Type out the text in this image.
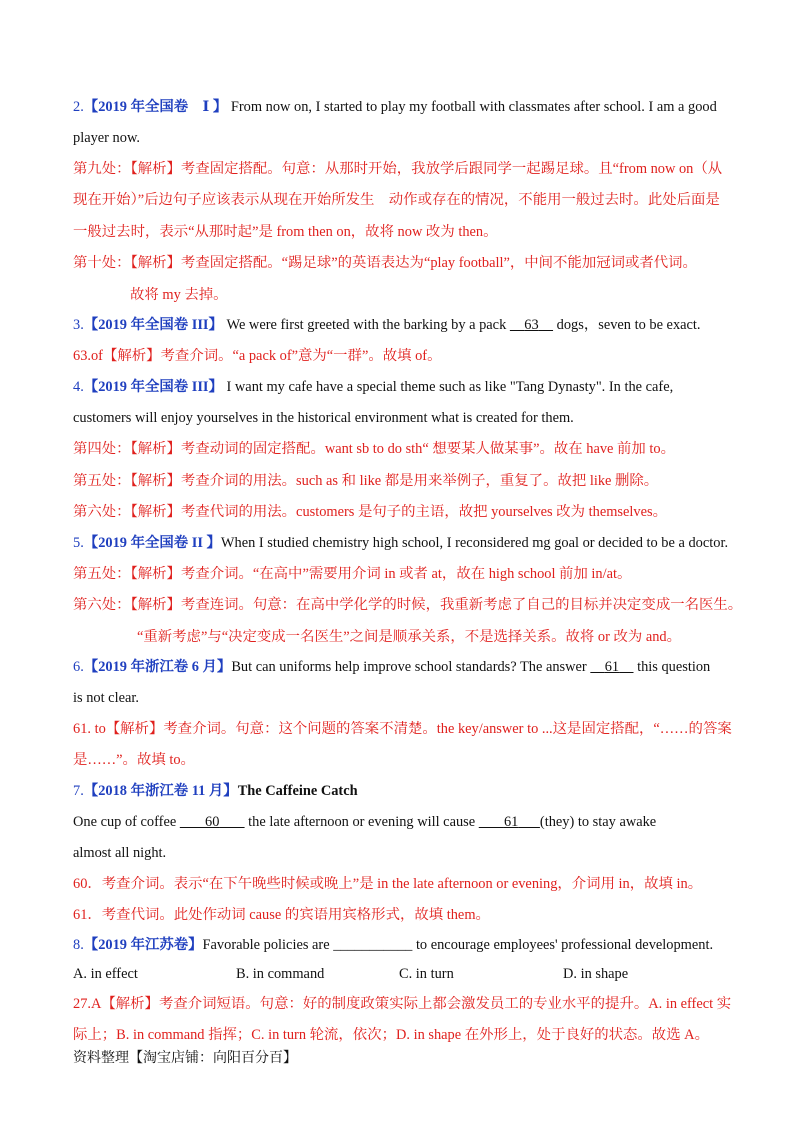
2.【2019 年全国卷　Ⅰ 】 From now on, I started to play my football with classmates after school. I am a good
player now.
第九处：【解析】考查固定搭配。句意：从那时开始，我放学后跟同学一起踢足球。且“from now on（从
现在开始）”后边句子应该表示从现在开始所发生　动作或存在的情况，不能用一般过去时。此处后面是
一般过去时，表示“从那时起”是 from then on，故将 now 改为 then。
第十处：【解析】考查固定搭配。“踢足球”的英语表达为“play football”，中间不能加冠词或者代词。
故将 my 去掉。
3.【2019 年全国卷 III】 We were first greeted with the barking by a pack     63     dogs，seven to be exact.
63.of【解析】考查介词。“a pack of”意为“一群”。故填 of。
4.【2019 年全国卷 III】 I want my cafe have a special theme such as like "Tang Dynasty". In the cafe,
customers will enjoy yourselves in the historical environment what is created for them.
第四处：【解析】考查动词的固定搭配。want sb to do sth“ 想要某人做某事”。故在 have 前加 to。
第五处：【解析】考查介词的用法。such as 和 like 都是用来举例子，重复了。故把 like 删除。
第六处：【解析】考查代词的用法。customers 是句子的主语，故把 yourselves 改为 themselves。
5.【2019 年全国卷 II 】When I studied chemistry high school, I reconsidered mg goal or decided to be a doctor.
第五处：【解析】考查介词。“在高中”需要用介词 in 或者 at，故在 high school 前加 in/at。
第六处：【解析】考查连词。句意：在高中学化学的时候，我重新考虑了自己的目标并决定变成一名医生。
“重新考虑”与“决定变成一名医生”之间是顺承关系，不是选择关系。故将 or 改为 and。
6.【2019 年浙江卷 6 月】But can uniforms help improve school standards? The answer     61     this question
is not clear.
61. to【解析】考查介词。句意：这个问题的答案不清楚。the key/answer to ...这是固定搭配，“……的答案
是……”。故填 to。
7.【2018 年浙江卷 11 月】The Caffeine Catch
One cup of coffee        60        the late afternoon or evening will cause        61 (they) to stay awake
almost all night.
60．考查介词。表示“在下午晚些时候或晚上”是 in the late afternoon or evening，介词用 in，故填 in。
61．考查代词。此处作动词 cause 的宾语用宾格形式，故填 them。
8.【2019 年江苏卷】Favorable policies are ___________ to encourage employees' professional development.
A. in effect	B. in command	C. in turn	D. in shape
27.A【解析】考查介词短语。句意：好的制度政策实际上都会激发员工的专业水平的提升。A. in effect 实
际上；B. in command 指挥；C. in turn 轮流，依次；D. in shape 在外形上，处于良好的状态。故选 A。
资料整理【淘宝店铺：向阳百分百】
